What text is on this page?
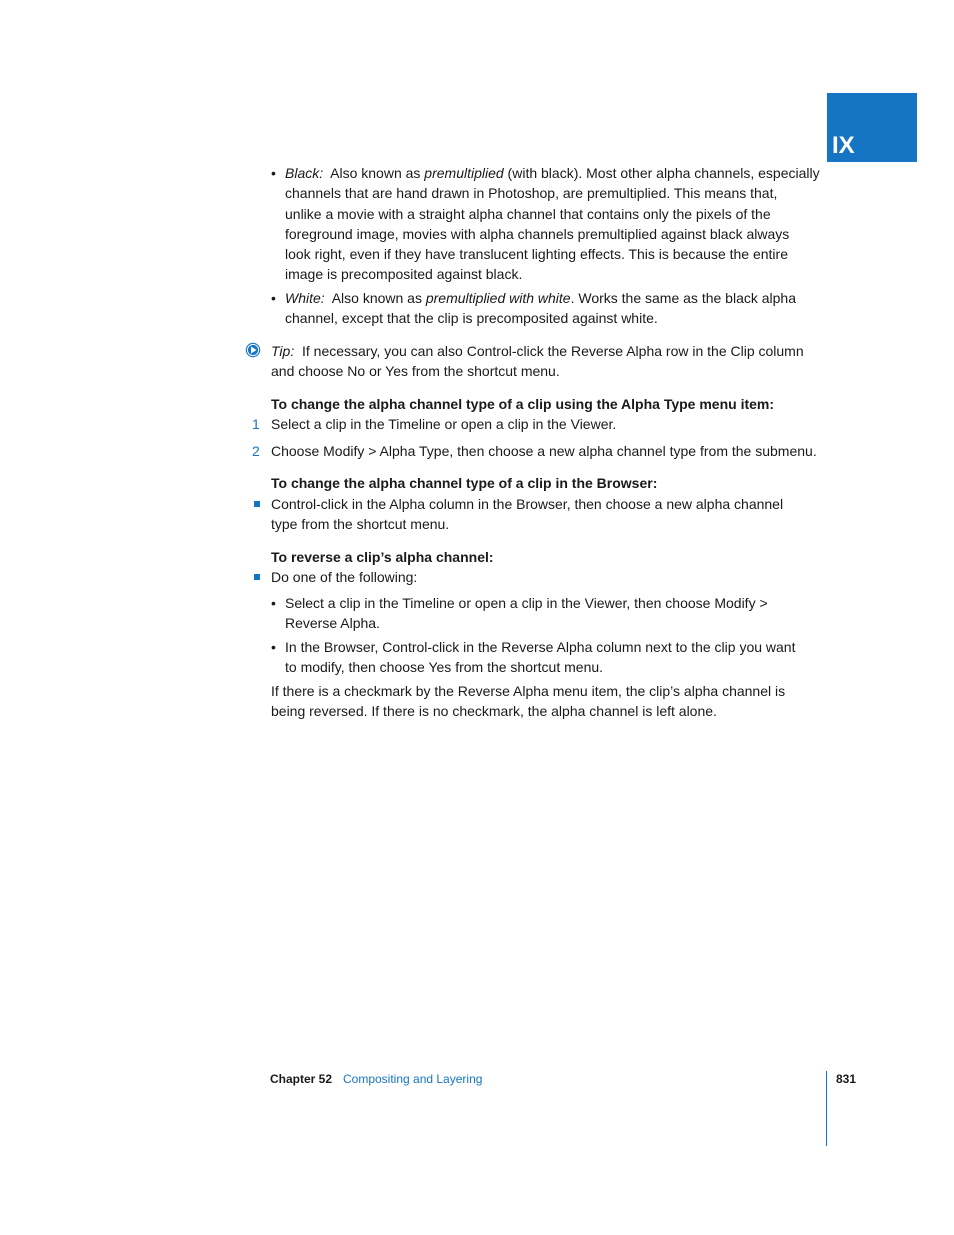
IX
• Black:  Also known as premultiplied (with black). Most other alpha channels, especially
channels that are hand drawn in Photoshop, are premultiplied. This means that,
unlike a movie with a straight alpha channel that contains only the pixels of the
foreground image, movies with alpha channels premultiplied against black always
look right, even if they have translucent lighting effects. This is because the entire
image is precomposited against black.
• White:  Also known as premultiplied with white. Works the same as the black alpha
channel, except that the clip is precomposited against white.
Tip:  If necessary, you can also Control-click the Reverse Alpha row in the Clip column
and choose No or Yes from the shortcut menu.
To change the alpha channel type of a clip using the Alpha Type menu item:
1 Select a clip in the Timeline or open a clip in the Viewer.
2 Choose Modify > Alpha Type, then choose a new alpha channel type from the submenu.
To change the alpha channel type of a clip in the Browser:
Control-click in the Alpha column in the Browser, then choose a new alpha channel
type from the shortcut menu.
To reverse a clip’s alpha channel:
Do one of the following:
• Select a clip in the Timeline or open a clip in the Viewer, then choose Modify >
Reverse Alpha.
• In the Browser, Control-click in the Reverse Alpha column next to the clip you want
to modify, then choose Yes from the shortcut menu.
If there is a checkmark by the Reverse Alpha menu item, the clip’s alpha channel is
being reversed. If there is no checkmark, the alpha channel is left alone.
Chapter 52 Compositing and Layering	831
